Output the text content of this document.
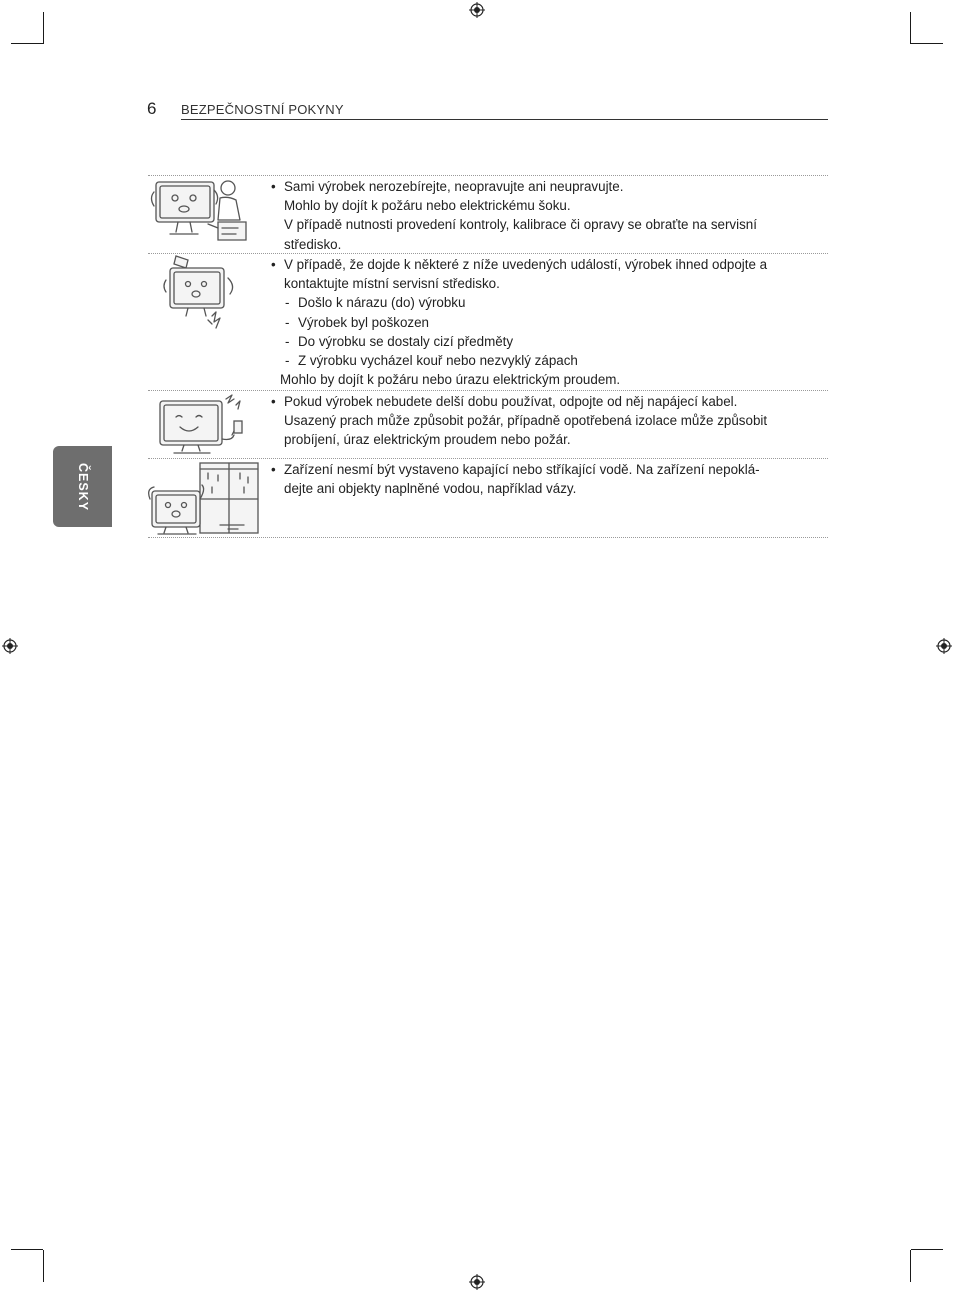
6 BEZPEČNOSTNÍ POKYNY
ČESKY

• Sami výrobek nerozebírejte, neopravujte ani neupravujte.

Mohlo by dojít k požáru nebo elektrickému šoku.

V případě nutnosti provedení kontroly, kalibrace či opravy se obraťte na servisní

středisko.

• V případě, že dojde k některé z níže uvedených událostí, výrobek ihned odpojte a

kontaktujte místní servisní středisko.

- Došlo k nárazu (do) výrobku

- Výrobek byl poškozen

- Do výrobku se dostaly cizí předměty

- Z výrobku vycházel kouř nebo nezvyklý zápach

Mohlo by dojít k požáru nebo úrazu elektrickým proudem.

• Pokud výrobek nebudete delší dobu používat, odpojte od něj napájecí kabel.

Usazený prach může způsobit požár, případně opotřebená izolace může způsobit

probíjení, úraz elektrickým proudem nebo požár.

• Zařízení nesmí být vystaveno kapající nebo stříkající vodě. Na zařízení nepoklá-

dejte ani objekty naplněné vodou, například vázy.
